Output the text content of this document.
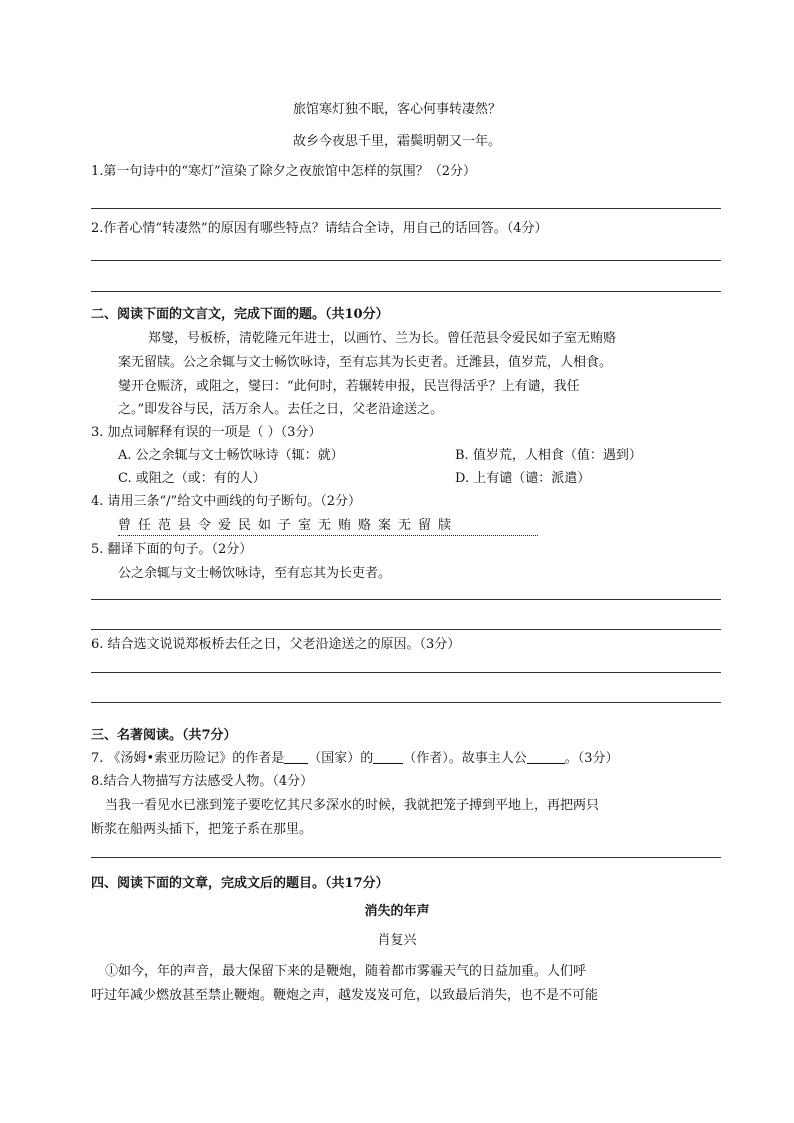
旅馆寒灯独不眠，客心何事转凄然？
故乡今夜思千里，霜鬓明朝又一年。
1.第一句诗中的“寒灯”渲染了除夕之夜旅馆中怎样的氛围？（2分）
2.作者心情“转凄然”的原因有哪些特点？请结合全诗，用自己的话回答。（4分）
二、阅读下面的文言文，完成下面的题。（共10分）
郑燮，号板桥，清乾隆元年进士，以画竹、兰为长。曾任范县令爱民如子室无贿赂
案无留牍。公之余辄与文士畅饮咏诗，至有忘其为长吏者。迁潍县，值岁荒，人相食。
燮开仓赈济，或阻之，燮曰：“此何时，若辗转申报，民岂得活乎？上有谴，我任
之。”即发谷与民，活万余人。去任之日，父老沿途送之。
3. 加点词解释有误的一项是（ ）（3分）
A. 公之余辄与文士畅饮咏诗（辄：就）	B. 值岁荒，人相食（值：遇到）
C. 或阻之（或：有的人）	D. 上有谴（谴：派遣）
4. 请用三条“/”给文中画线的句子断句。（2分）
曾任范县令爱民如子室无贿赂案无留牍
5. 翻译下面的句子。（2分）
公之余辄与文士畅饮咏诗，至有忘其为长吏者。
6. 结合选文说说郑板桥去任之日，父老沿途送之的原因。（3分）
三、名著阅读。（共7分）
7. 《汤姆•索亚历险记》的作者是 （国家）的 （作者）。故事主人公	。（3分）
8.结合人物描写方法感受人物。（4分）
当我一看见水已涨到笼子要吃忆其尺多深水的时候，我就把笼子搏到平地上，再把两只
断浆在船两头插下，把笼子系在那里。
四、阅读下面的文章，完成文后的题目。（共17分）
消失的年声
肖复兴
①如今，年的声音，最大保留下来的是鞭炮，随着都市雾霾天气的日益加重。人们呼
吁过年减少燃放甚至禁止鞭炮。鞭炮之声，越发岌岌可危，以致最后消失，也不是不可能
